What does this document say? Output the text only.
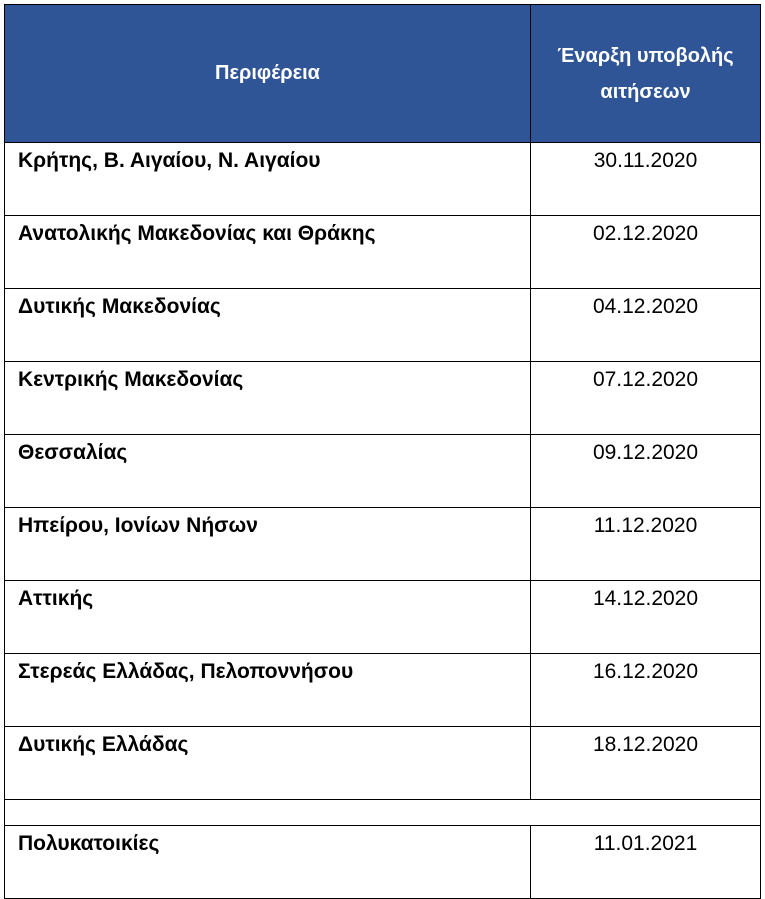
Περιφέρεια	Έναρξη υποβολής
αιτήσεων

Κρήτης, Β. Αιγαίου, Ν. Αιγαίου	30.11.2020
Ανατολικής Μακεδονίας και Θράκης	02.12.2020
Δυτικής Μακεδονίας	04.12.2020
Κεντρικής Μακεδονίας	07.12.2020
Θεσσαλίας	09.12.2020
Ηπείρου, Ιονίων Νήσων	11.12.2020
Αττικής	14.12.2020
Στερεάς Ελλάδας, Πελοποννήσου	16.12.2020
Δυτικής Ελλάδας	18.12.2020

Πολυκατοικίες	11.01.2021
